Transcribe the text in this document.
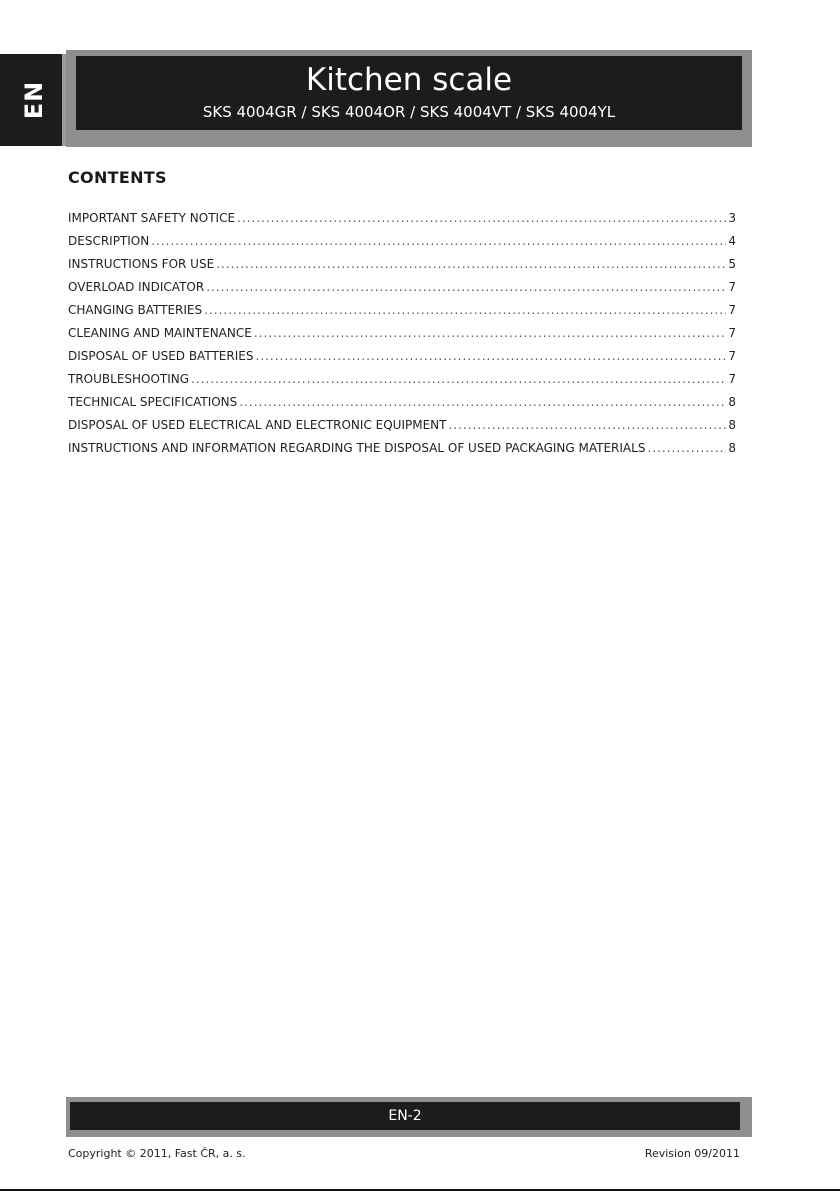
EN
Kitchen scale
SKS 4004GR / SKS 4004OR / SKS 4004VT / SKS 4004YL
CONTENTS
IMPORTANT SAFETY NOTICE .....	3
DESCRIPTION .....	4
INSTRUCTIONS FOR USE .....	5
OVERLOAD INDICATOR .....	7
CHANGING BATTERIES .....	7
CLEANING AND MAINTENANCE .....	7
DISPOSAL OF USED BATTERIES .....	7
TROUBLESHOOTING .....	7
TECHNICAL SPECIFICATIONS .....	8
DISPOSAL OF USED ELECTRICAL AND ELECTRONIC EQUIPMENT .....	8
INSTRUCTIONS AND INFORMATION REGARDING THE DISPOSAL OF USED PACKAGING MATERIALS .....	8
EN-2
Copyright © 2011, Fast ČR, a. s.	Revision 09/2011
